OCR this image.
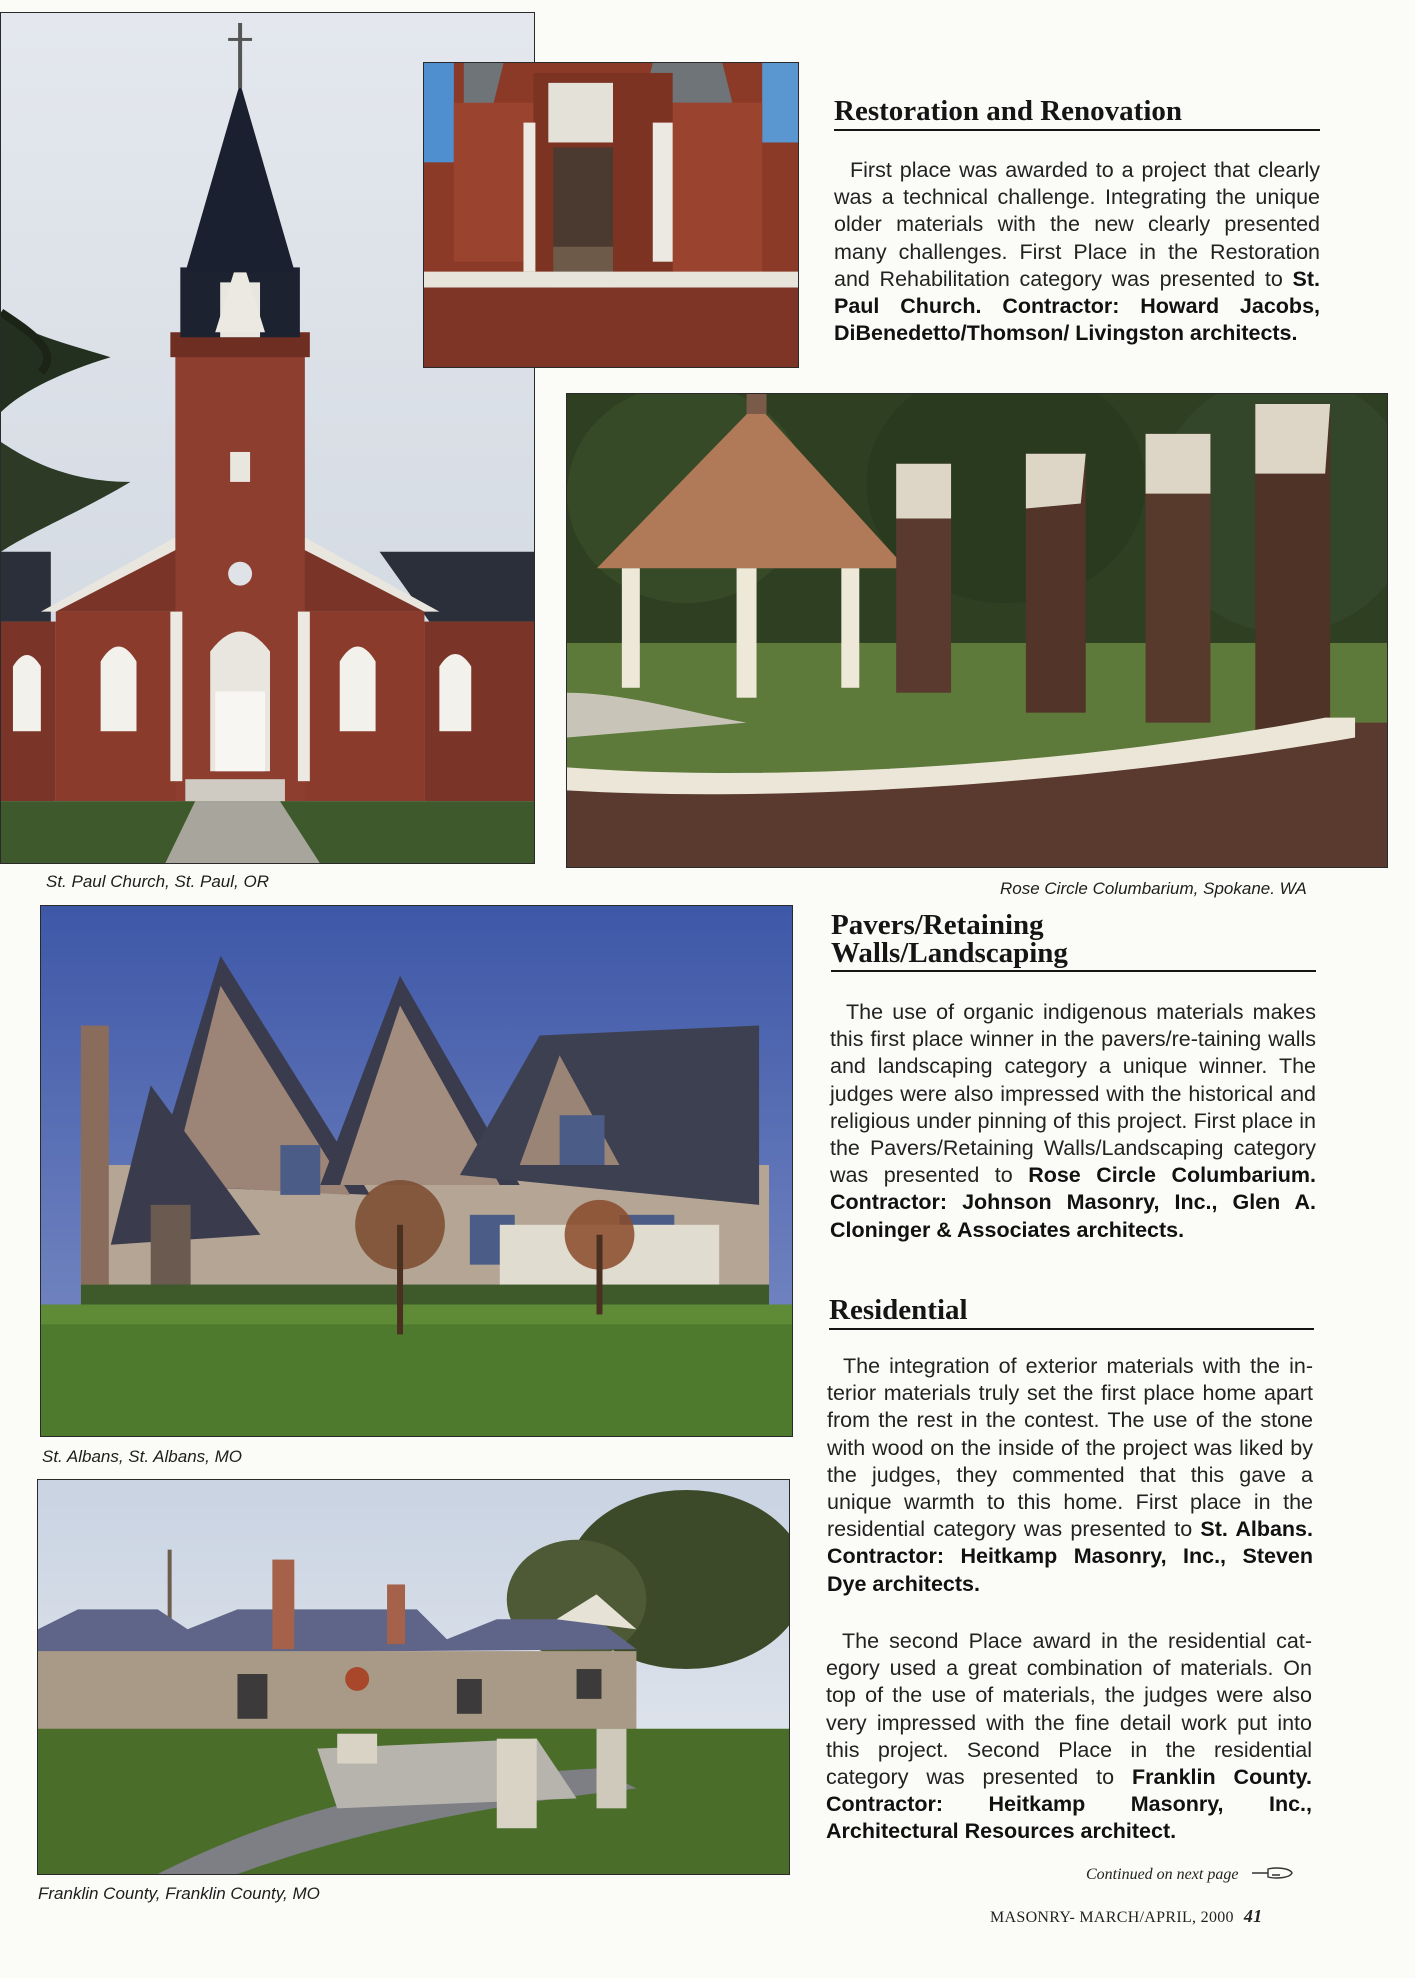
St. Paul Church, St. Paul, OR	Rose Circle Columbarium, Spokane. WA
St. Albans, St. Albans, MO
Franklin County, Franklin County, MO
Restoration and Renovation
First place was awarded to a project that clearly was a technical challenge. Integrating the unique older materials with the new clearly presented many challenges. First Place in the Restoration and Rehabilitation category was presented to St. Paul Church. Contractor: Howard Jacobs, DiBenedetto/Thomson/ Livingston architects.
Pavers/Retaining
Walls/Landscaping
The use of organic indigenous materials makes this first place winner in the pavers/re-taining walls and landscaping category a unique winner. The judges were also impressed with the historical and religious under pinning of this project. First place in the Pavers/Retaining Walls/Landscaping category was presented to Rose Circle Columbarium. Contractor: Johnson Masonry, Inc., Glen A. Cloninger & Associates architects.
Residential
The integration of exterior materials with the in-terior materials truly set the first place home apart from the rest in the contest. The use of the stone with wood on the inside of the project was liked by the judges, they commented that this gave a unique warmth to this home. First place in the residential category was presented to St. Albans. Contractor: Heitkamp Masonry, Inc., Steven Dye architects.
The second Place award in the residential cat-egory used a great combination of materials. On top of the use of materials, the judges were also very impressed with the fine detail work put into this project. Second Place in the residential category was presented to Franklin County. Contractor: Heitkamp Masonry, Inc., Architectural Resources architect.
Continued on next page
MASONRY- MARCH/APRIL, 2000 41
